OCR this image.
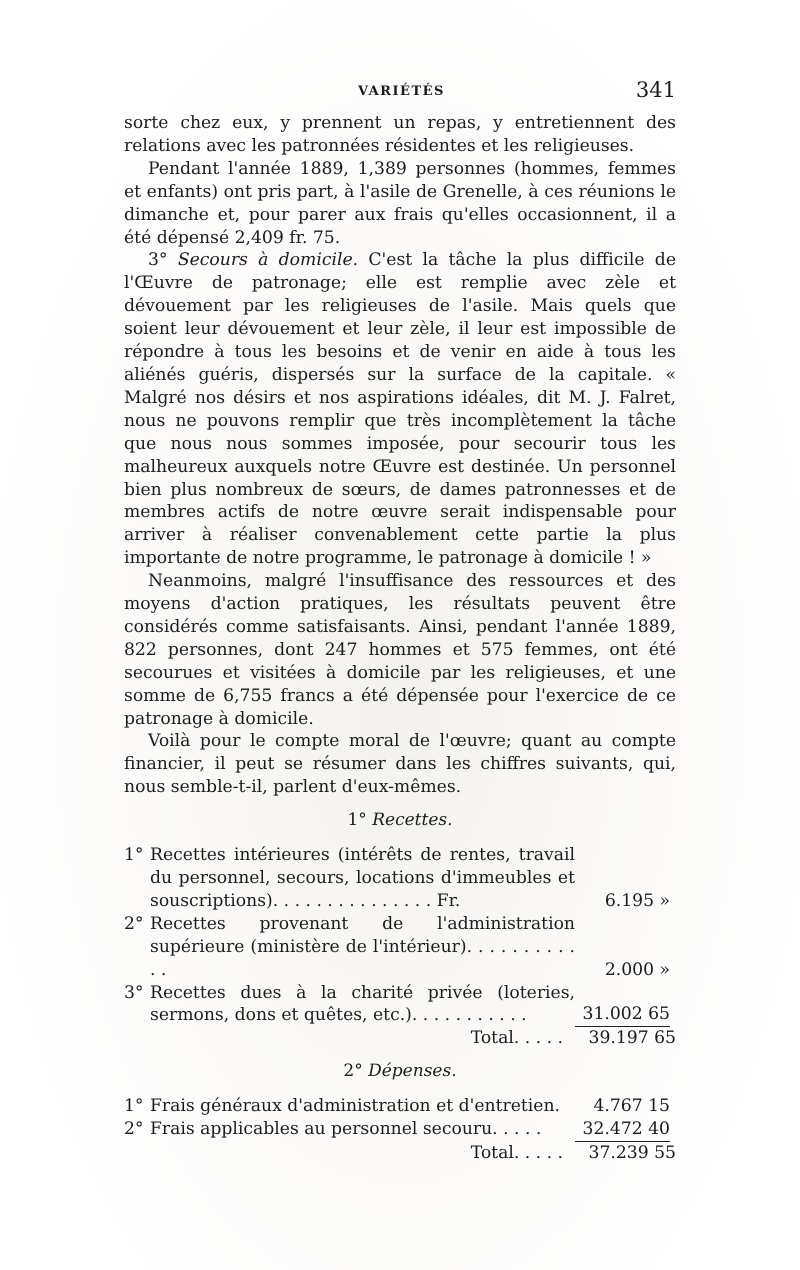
VARIÉTÉS	341

sorte chez eux, y prennent un repas, y entretiennent des relations avec les patronnées résidentes et les religieuses.

Pendant l'année 1889, 1,389 personnes (hommes, femmes et enfants) ont pris part, à l'asile de Grenelle, à ces réunions le dimanche et, pour parer aux frais qu'elles occasionnent, il a été dépensé 2,409 fr. 75.

3° Secours à domicile. C'est la tâche la plus difficile de l'Œuvre de patronage; elle est remplie avec zèle et dévouement par les religieuses de l'asile. Mais quels que soient leur dévouement et leur zèle, il leur est impossible de répondre à tous les besoins et de venir en aide à tous les aliénés guéris, dispersés sur la surface de la capitale. « Malgré nos désirs et nos aspirations idéales, dit M. J. Falret, nous ne pouvons remplir que très incomplètement la tâche que nous nous sommes imposée, pour secourir tous les malheureux auxquels notre Œuvre est destinée. Un personnel bien plus nombreux de sœurs, de dames patronnesses et de membres actifs de notre œuvre serait indispensable pour arriver à réaliser convenablement cette partie la plus importante de notre programme, le patronage à domicile ! »

Neanmoins, malgré l'insuffisance des ressources et des moyens d'action pratiques, les résultats peuvent être considérés comme satisfaisants. Ainsi, pendant l'année 1889, 822 personnes, dont 247 hommes et 575 femmes, ont été secourues et visitées à domicile par les religieuses, et une somme de 6,755 francs a été dépensée pour l'exercice de ce patronage à domicile.

Voilà pour le compte moral de l'œuvre; quant au compte financier, il peut se résumer dans les chiffres suivants, qui, nous semble-t-il, parlent d'eux-mêmes.

1° Recettes.

1° Recettes intérieures (intérêts de rentes, travail du personnel, secours, locations d'immeubles et souscriptions). . . . . . . . . . . . . . . Fr.	6.195 »
2° Recettes provenant de l'administration supérieure (ministère de l'intérieur). . . . . . . . . . . .	2.000 »
3° Recettes dues à la charité privée (loteries, sermons, dons et quêtes, etc.). . . . . . . . . . .	31.002 65
Total. . . . .	39.197 65

2° Dépenses.

1° Frais généraux d'administration et d'entretien.	4.767 15
2° Frais applicables au personnel secouru. . . . .	32.472 40
Total. . . . .	37.239 55
